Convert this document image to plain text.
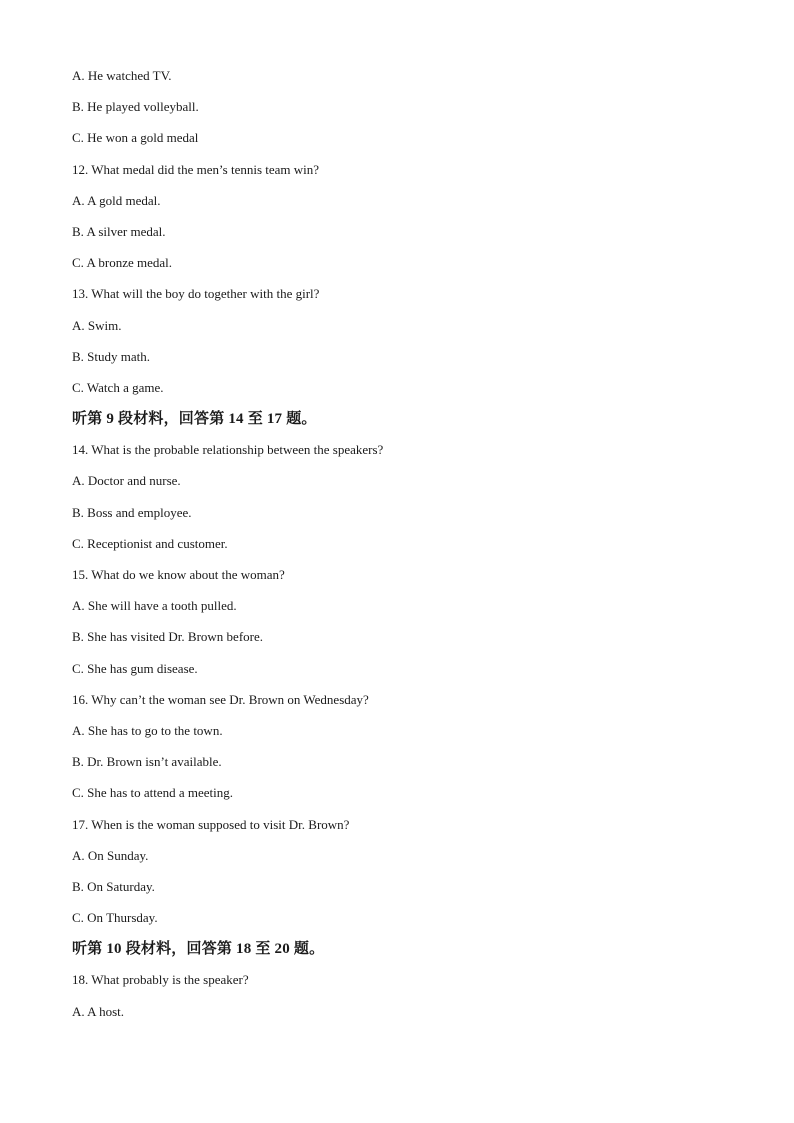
A. He watched TV.
B. He played volleyball.
C. He won a gold medal
12. What medal did the men’s tennis team win?
A. A gold medal.
B. A silver medal.
C. A bronze medal.
13. What will the boy do together with the girl?
A. Swim.
B. Study math.
C. Watch a game.
听第 9 段材料，回答第 14 至 17 题。
14. What is the probable relationship between the speakers?
A. Doctor and nurse.
B. Boss and employee.
C. Receptionist and customer.
15. What do we know about the woman?
A. She will have a tooth pulled.
B. She has visited Dr. Brown before.
C. She has gum disease.
16. Why can’t the woman see Dr. Brown on Wednesday?
A. She has to go to the town.
B. Dr. Brown isn’t available.
C. She has to attend a meeting.
17. When is the woman supposed to visit Dr. Brown?
A. On Sunday.
B. On Saturday.
C. On Thursday.
听第 10 段材料，回答第 18 至 20 题。
18. What probably is the speaker?
A. A host.
